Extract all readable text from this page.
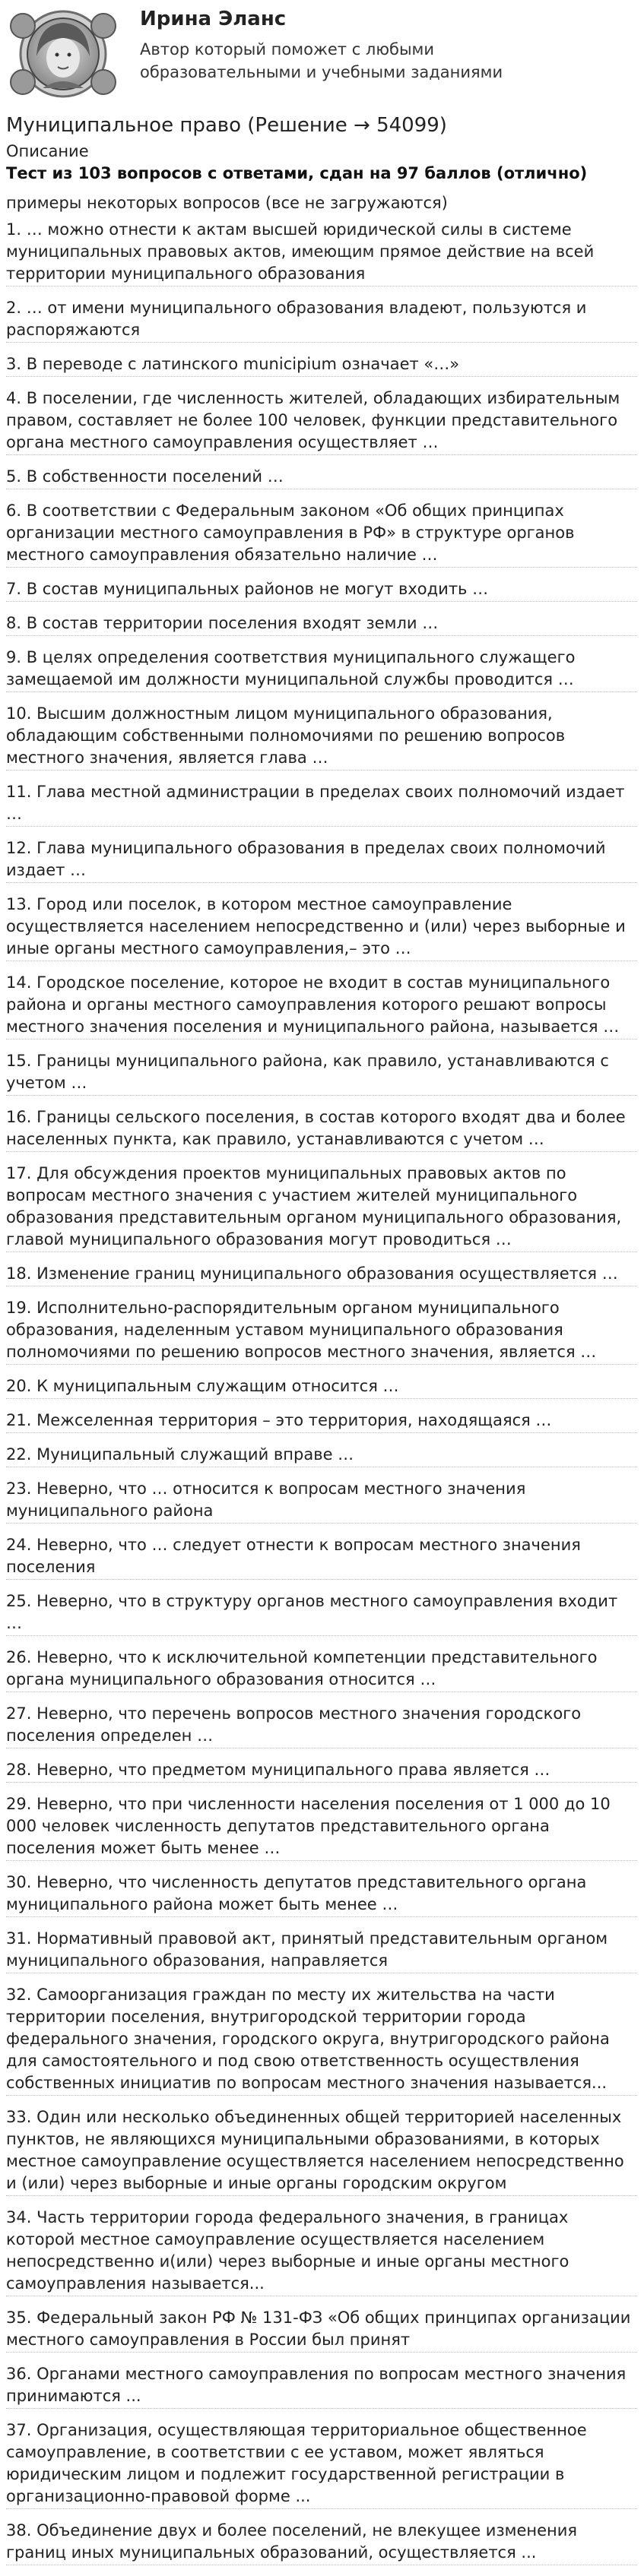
Ирина Эланс
Автор который поможет с любыми образовательными и учебными заданиями
Муниципальное право (Решение → 54099)
Описание
Тест из 103 вопросов с ответами, сдан на 97 баллов (отлично)
примеры некоторых вопросов (все не загружаются)
1. … можно отнести к актам высшей юридической силы в системе муниципальных правовых актов, имеющим прямое действие на всей территории муниципального образования
2. … от имени муниципального образования владеют, пользуются и распоряжаются
3. В переводе с латинского municipium означает «…»
4. В поселении, где численность жителей, обладающих избирательным правом, составляет не более 100 человек, функции представительного органа местного самоуправления осуществляет …
5. В собственности поселений …
6. В соответствии с Федеральным законом «Об общих принципах организации местного самоуправления в РФ» в структуре органов местного самоуправления обязательно наличие …
7. В состав муниципальных районов не могут входить …
8. В состав территории поселения входят земли …
9. В целях определения соответствия муниципального служащего замещаемой им должности муниципальной службы проводится …
10. Высшим должностным лицом муниципального образования, обладающим собственными полномочиями по решению вопросов местного значения, является глава …
11. Глава местной администрации в пределах своих полномочий издает …
12. Глава муниципального образования в пределах своих полномочий издает …
13. Город или поселок, в котором местное самоуправление осуществляется населением непосредственно и (или) через выборные и иные органы местного самоуправления,– это …
14. Городское поселение, которое не входит в состав муниципального района и органы местного самоуправления которого решают вопросы местного значения поселения и муниципального района, называется …
15. Границы муниципального района, как правило, устанавливаются с учетом …
16. Границы сельского поселения, в состав которого входят два и более населенных пункта, как правило, устанавливаются с учетом …
17. Для обсуждения проектов муниципальных правовых актов по вопросам местного значения с участием жителей муниципального образования представительным органом муниципального образования, главой муниципального образования могут проводиться …
18. Изменение границ муниципального образования осуществляется …
19. Исполнительно-распорядительным органом муниципального образования, наделенным уставом муниципального образования полномочиями по решению вопросов местного значения, является …
20. К муниципальным служащим относится …
21. Межселенная территория – это территория, находящаяся …
22. Муниципальный служащий вправе …
23. Неверно, что … относится к вопросам местного значения муниципального района
24. Неверно, что … следует отнести к вопросам местного значения поселения
25. Неверно, что в структуру органов местного самоуправления входит …
26. Неверно, что к исключительной компетенции представительного органа муниципального образования относится …
27. Неверно, что перечень вопросов местного значения городского поселения определен …
28. Неверно, что предметом муниципального права является …
29. Неверно, что при численности населения поселения от 1 000 до 10 000 человек численность депутатов представительного органа поселения может быть менее …
30. Неверно, что численность депутатов представительного органа муниципального района может быть менее …
31. Нормативный правовой акт, принятый представительным органом муниципального образования, направляется
32. Самоорганизация граждан по месту их жительства на части территории поселения, внутригородской территории города федерального значения, городского округа, внутригородского района для самостоятельного и под свою ответственность осуществления собственных инициатив по вопросам местного значения называется...
33. Один или несколько объединенных общей территорией населенных пунктов, не являющихся муниципальными образованиями, в которых местное самоуправление осуществляется населением непосредственно и (или) через выборные и иные органы городским округом
34. Часть территории города федерального значения, в границах которой местное самоуправление осуществляется населением непосредственно и(или) через выборные и иные органы местного самоуправления называется...
35. Федеральный закон РФ № 131-ФЗ «Об общих принципах организации местного самоуправления в России был принят
36. Органами местного самоуправления по вопросам местного значения принимаются ...
37. Организация, осуществляющая территориальное общественное самоуправление, в соответствии с ее уставом, может являться юридическим лицом и подлежит государственной регистрации в организационно-правовой форме ...
38. Объединение двух и более поселений, не влекущее изменения границ иных муниципальных образований, осуществляется ...
